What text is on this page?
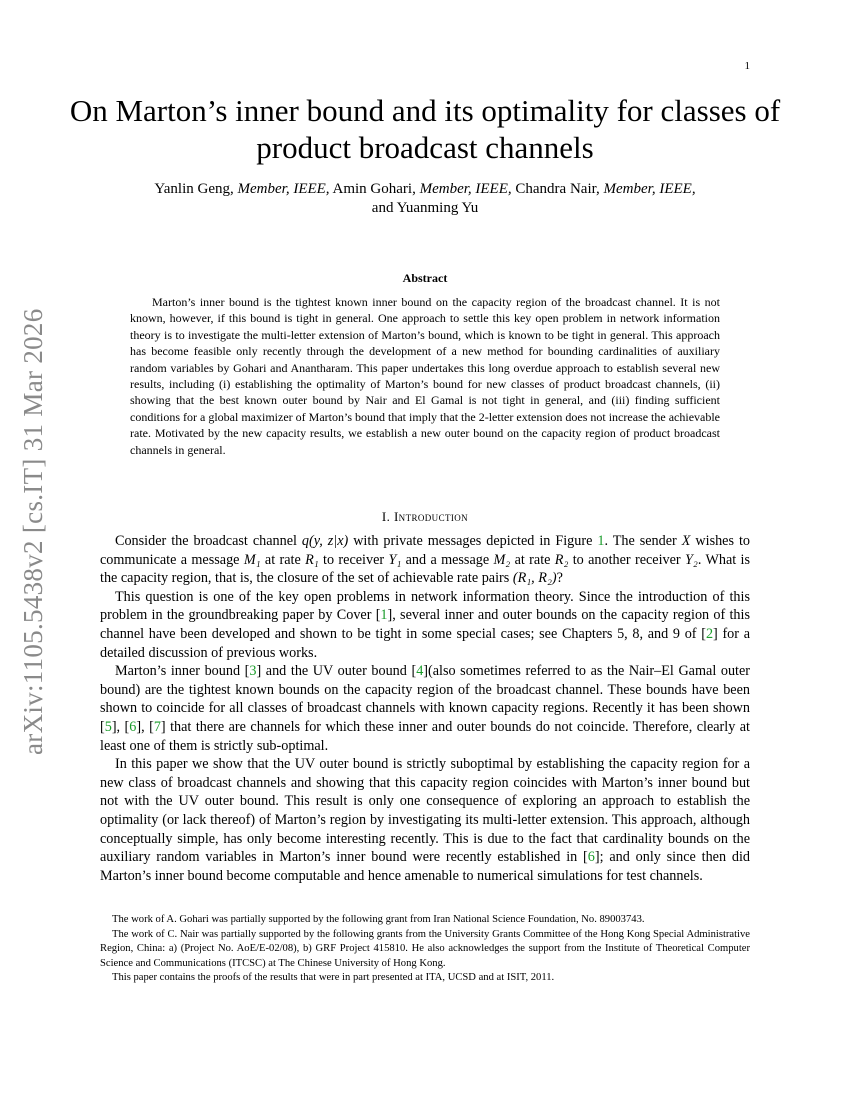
1
arXiv:1105.5438v2 [cs.IT] 31 Mar 2026
On Marton’s inner bound and its optimality for classes of product broadcast channels
Yanlin Geng, Member, IEEE, Amin Gohari, Member, IEEE, Chandra Nair, Member, IEEE,
and Yuanming Yu
Abstract

Marton’s inner bound is the tightest known inner bound on the capacity region of the broadcast channel. It is not known, however, if this bound is tight in general. One approach to settle this key open problem in network information theory is to investigate the multi-letter extension of Marton’s bound, which is known to be tight in general. This approach has become feasible only recently through the development of a new method for bounding cardinalities of auxiliary random variables by Gohari and Anantharam. This paper undertakes this long overdue approach to establish several new results, including (i) establishing the optimality of Marton’s bound for new classes of product broadcast channels, (ii) showing that the best known outer bound by Nair and El Gamal is not tight in general, and (iii) finding sufficient conditions for a global maximizer of Marton’s bound that imply that the 2-letter extension does not increase the achievable rate. Motivated by the new capacity results, we establish a new outer bound on the capacity region of product broadcast channels in general.

I. Introduction

Consider the broadcast channel q(y, z|x) with private messages depicted in Figure 1. The sender X wishes to communicate a message M₁ at rate R₁ to receiver Y₁ and a message M₂ at rate R₂ to another receiver Y₂. What is the capacity region, that is, the closure of the set of achievable rate pairs (R₁, R₂)?

This question is one of the key open problems in network information theory. Since the introduction of this problem in the groundbreaking paper by Cover [1], several inner and outer bounds on the capacity region of this channel have been developed and shown to be tight in some special cases; see Chapters 5, 8, and 9 of [2] for a detailed discussion of previous works.

Marton’s inner bound [3] and the UV outer bound [4](also sometimes referred to as the Nair–El Gamal outer bound) are the tightest known bounds on the capacity region of the broadcast channel. These bounds have been shown to coincide for all classes of broadcast channels with known capacity regions. Recently it has been shown [5], [6], [7] that there are channels for which these inner and outer bounds do not coincide. Therefore, clearly at least one of them is strictly sub-optimal.

In this paper we show that the UV outer bound is strictly suboptimal by establishing the capacity region for a new class of broadcast channels and showing that this capacity region coincides with Marton’s inner bound but not with the UV outer bound. This result is only one consequence of exploring an approach to establish the optimality (or lack thereof) of Marton’s region by investigating its multi-letter extension. This approach, although conceptually simple, has only become interesting recently. This is due to the fact that cardinality bounds on the auxiliary random variables in Marton’s inner bound were recently established in [6]; and only since then did Marton’s inner bound become computable and hence amenable to numerical simulations for test channels.

The work of A. Gohari was partially supported by the following grant from Iran National Science Foundation, No. 89003743.

The work of C. Nair was partially supported by the following grants from the University Grants Committee of the Hong Kong Special Administrative Region, China: a) (Project No. AoE/E-02/08), b) GRF Project 415810. He also acknowledges the support from the Institute of Theoretical Computer Science and Communications (ITCSC) at The Chinese University of Hong Kong.

This paper contains the proofs of the results that were in part presented at ITA, UCSD and at ISIT, 2011.
